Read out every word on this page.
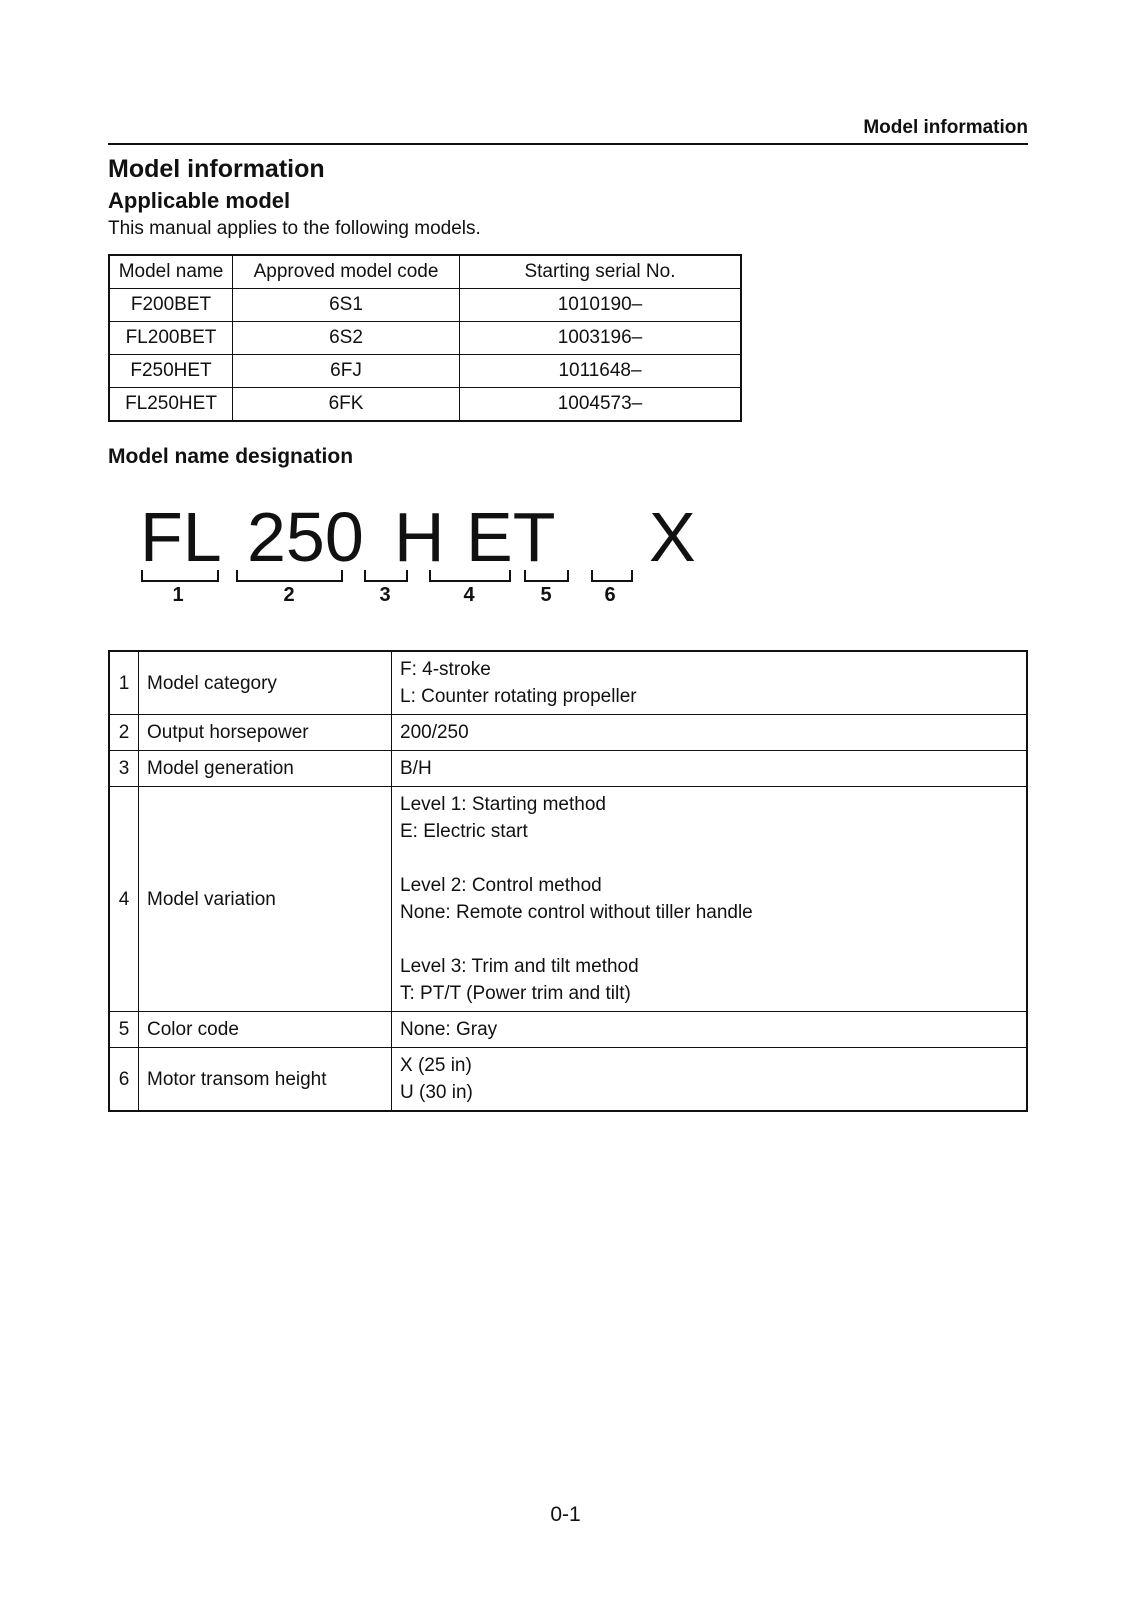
Model information
Model information
Applicable model
This manual applies to the following models.
Model name	Approved model code	Starting serial No.
F200BET	6S1	1010190–
FL200BET	6S2	1003196–
F250HET	6FJ	1011648–
FL250HET	6FK	1004573–
Model name designation
FL 250 H ET X
1	2	3	4	5	6
1	Model category	F: 4-stroke
L: Counter rotating propeller

2	Output horsepower	200/250
3	Model generation	B/H
4	Model variation	
Level 1: Starting method
E: Electric start
Level 2: Control method
None: Remote control without tiller handle
Level 3: Trim and tilt method
T: PT/T (Power trim and tilt)

5	Color code	None: Gray
6	Motor transom height	X (25 in)
U (30 in)
0-1
